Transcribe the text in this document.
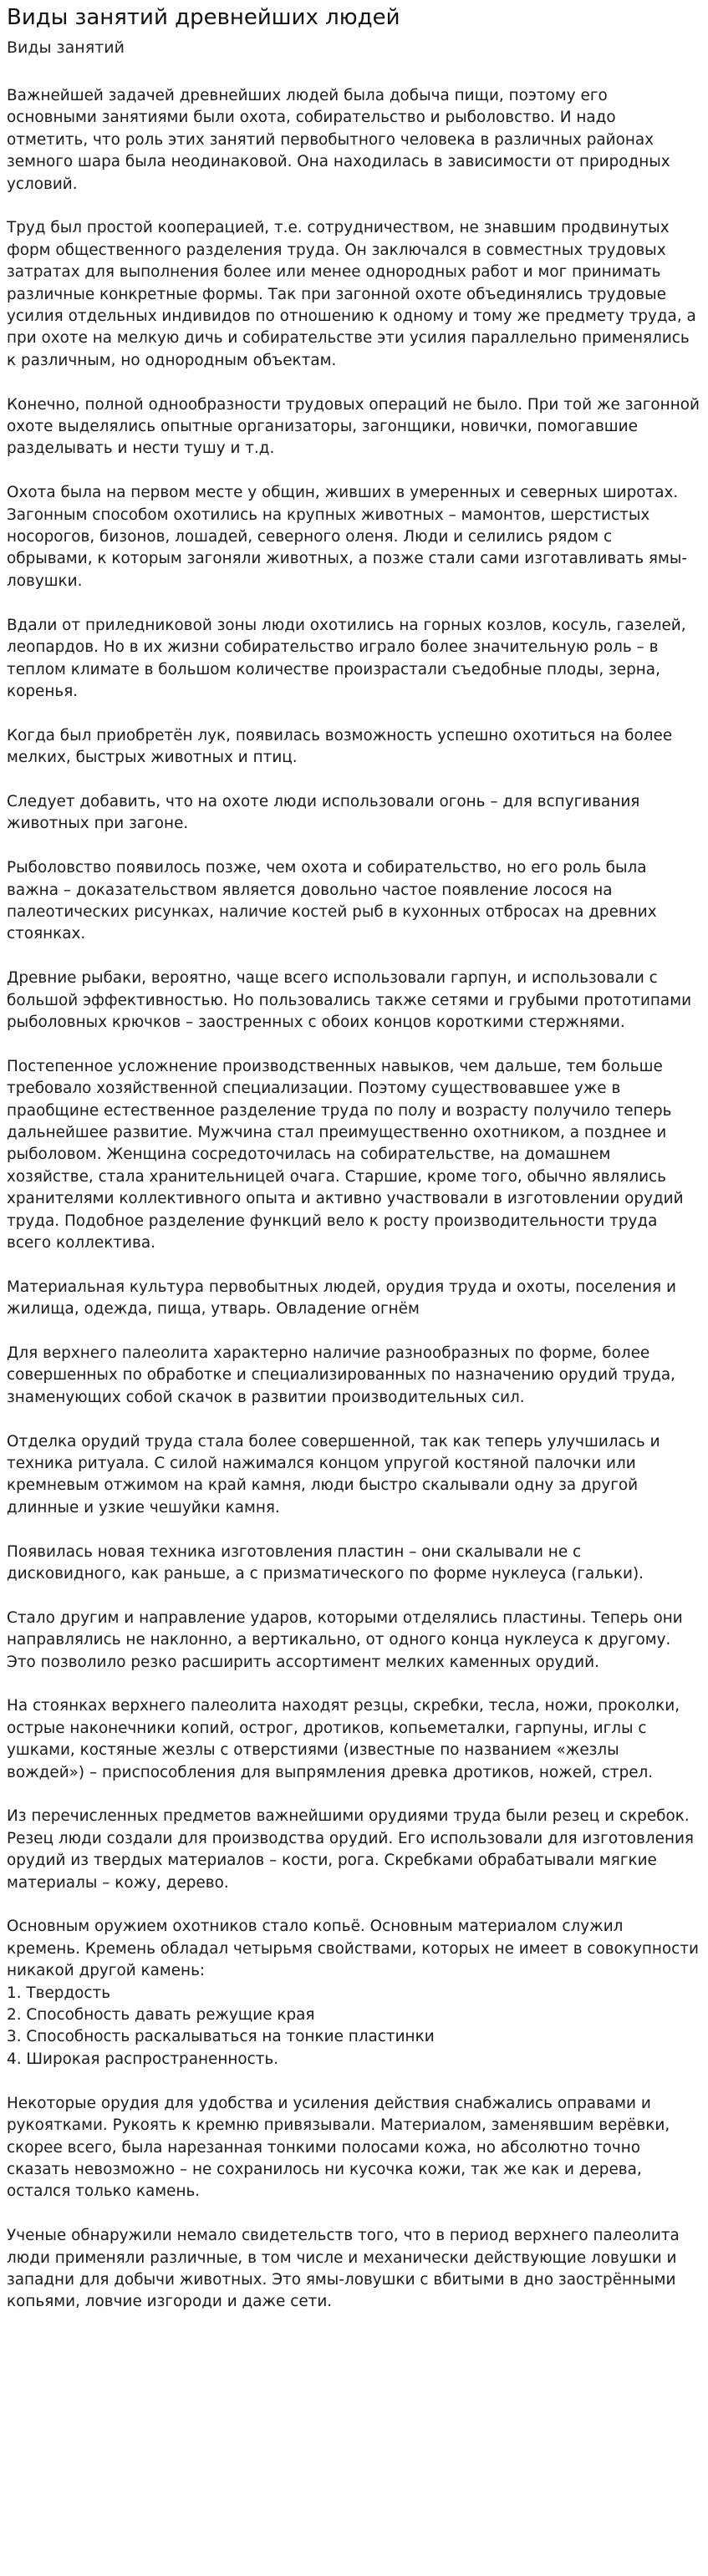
Виды занятий древнейших людей
Виды занятий

Важнейшей задачей древнейших людей была добыча пищи, поэтому его основными занятиями были охота, собирательство и рыболовство. И надо отметить, что роль этих занятий первобытного человека в различных районах земного шара была неодинаковой. Она находилась в зависимости от природных условий.

Труд был простой кооперацией, т.е. сотрудничеством, не знавшим продвинутых форм общественного разделения труда. Он заключался в совместных трудовых затратах для выполнения более или менее однородных работ и мог принимать различные конкретные формы. Так при загонной охоте объединялись трудовые усилия отдельных индивидов по отношению к одному и тому же предмету труда, а при охоте на мелкую дичь и собирательстве эти усилия параллельно применялись к различным, но однородным объектам.

Конечно, полной однообразности трудовых операций не было. При той же загонной охоте выделялись опытные организаторы, загонщики, новички, помогавшие разделывать и нести тушу и т.д.

Охота была на первом месте у общин, живших в умеренных и северных широтах. Загонным способом охотились на крупных животных – мамонтов, шерстистых носорогов, бизонов, лошадей, северного оленя. Люди и селились рядом с обрывами, к которым загоняли животных, а позже стали сами изготавливать ямы-ловушки.

Вдали от приледниковой зоны люди охотились на горных козлов, косуль, газелей, леопардов. Но в их жизни собирательство играло более значительную роль – в теплом климате в большом количестве произрастали съедобные плоды, зерна, коренья.

Когда был приобретён лук, появилась возможность успешно охотиться на более мелких, быстрых животных и птиц.

Следует добавить, что на охоте люди использовали огонь – для вспугивания животных при загоне.

Рыболовство появилось позже, чем охота и собирательство, но его роль была важна – доказательством является довольно частое появление лосося на палеотических рисунках, наличие костей рыб в кухонных отбросах на древних стоянках.

Древние рыбаки, вероятно, чаще всего использовали гарпун, и использовали с большой эффективностью. Но пользовались также сетями и грубыми прототипами рыболовных крючков – заостренных с обоих концов короткими стержнями.

Постепенное усложнение производственных навыков, чем дальше, тем больше требовало хозяйственной специализации. Поэтому существовавшее уже в праобщине естественное разделение труда по полу и возрасту получило теперь дальнейшее развитие. Мужчина стал преимущественно охотником, а позднее и рыболовом. Женщина сосредоточилась на собирательстве, на домашнем хозяйстве, стала хранительницей очага. Старшие, кроме того, обычно являлись хранителями коллективного опыта и активно участвовали в изготовлении орудий труда. Подобное разделение функций вело к росту производительности труда всего коллектива.

Материальная культура первобытных людей, орудия труда и охоты, поселения и жилища, одежда, пища, утварь. Овладение огнём

Для верхнего палеолита характерно наличие разнообразных по форме, более совершенных по обработке и специализированных по назначению орудий труда, знаменующих собой скачок в развитии производительных сил.

Отделка орудий труда стала более совершенной, так как теперь улучшилась и техника ритуала. С силой нажимался концом упругой костяной палочки или кремневым отжимом на край камня, люди быстро скалывали одну за другой длинные и узкие чешуйки камня.

Появилась новая техника изготовления пластин – они скалывали не с дисковидного, как раньше, а с призматического по форме нуклеуса (гальки).

Стало другим и направление ударов, которыми отделялись пластины. Теперь они направлялись не наклонно, а вертикально, от одного конца нуклеуса к другому. Это позволило резко расширить ассортимент мелких каменных орудий.

На стоянках верхнего палеолита находят резцы, скребки, тесла, ножи, проколки, острые наконечники копий, острог, дротиков, копьеметалки, гарпуны, иглы с ушками, костяные жезлы с отверстиями (известные по названием «жезлы вождей») – приспособления для выпрямления древка дротиков, ножей, стрел.

Из перечисленных предметов важнейшими орудиями труда были резец и скребок. Резец люди создали для производства орудий. Его использовали для изготовления орудий из твердых материалов – кости, рога. Скребками обрабатывали мягкие материалы – кожу, дерево.

Основным оружием охотников стало копьё. Основным материалом служил кремень. Кремень обладал четырьмя свойствами, которых не имеет в совокупности никакой другой камень:
1. Твердость
2. Способность давать режущие края
3. Способность раскалываться на тонкие пластинки
4. Широкая распространенность.

Некоторые орудия для удобства и усиления действия снабжались оправами и рукоятками. Рукоять к кремню привязывали. Материалом, заменявшим верёвки, скорее всего, была нарезанная тонкими полосами кожа, но абсолютно точно сказать невозможно – не сохранилось ни кусочка кожи, так же как и дерева, остался только камень.

Ученые обнаружили немало свидетельств того, что в период верхнего палеолита люди применяли различные, в том числе и механически действующие ловушки и западни для добычи животных. Это ямы-ловушки с вбитыми в дно заострёнными копьями, ловчие изгороди и даже сети.
